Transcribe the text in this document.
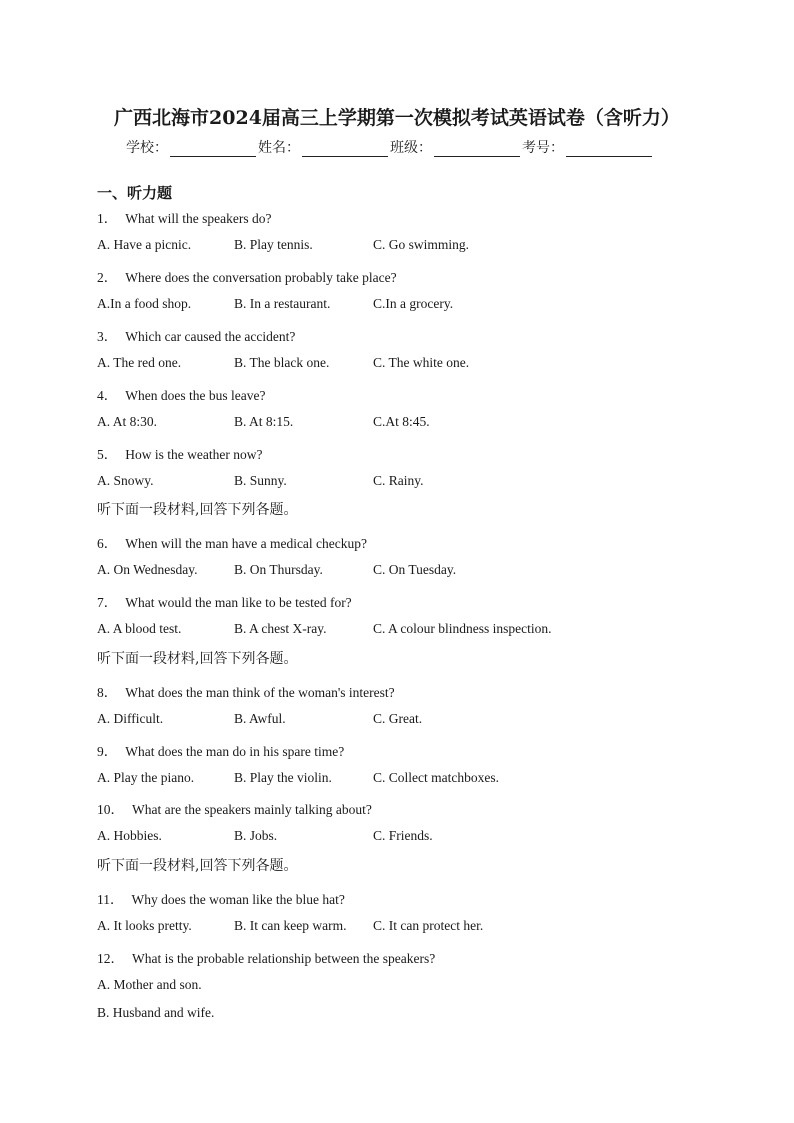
广西北海市2024届高三上学期第一次模拟考试英语试卷（含听力）
学校：	姓名：	班级：	考号：
一、听力题
1． What will the speakers do?
A. Have a picnic.	B. Play tennis.	C. Go swimming.
2． Where does the conversation probably take place?
A.In a food shop.	B. In a restaurant.	C.In a grocery.
3． Which car caused the accident?
A. The red one.	B. The black one.	C. The white one.
4． When does the bus leave?
A. At 8:30.	B. At 8:15.	C.At 8:45.
5． How is the weather now?
A. Snowy.	B. Sunny.	C. Rainy.
听下面一段材料,回答下列各题。
6． When will the man have a medical checkup?
A. On Wednesday.	B. On Thursday.	C. On Tuesday.
7． What would the man like to be tested for?
A. A blood test.	B. A chest X-ray.	C. A colour blindness inspection.
听下面一段材料,回答下列各题。
8． What does the man think of the woman's interest?
A. Difficult.	B. Awful.	C. Great.
9． What does the man do in his spare time?
A. Play the piano.	B. Play the violin.	C. Collect matchboxes.
10． What are the speakers mainly talking about?
A. Hobbies.	B. Jobs.	C. Friends.
听下面一段材料,回答下列各题。
11． Why does the woman like the blue hat?
A. It looks pretty.	B. It can keep warm. C. It can protect her.
12． What is the probable relationship between the speakers?
A. Mother and son.
B. Husband and wife.
